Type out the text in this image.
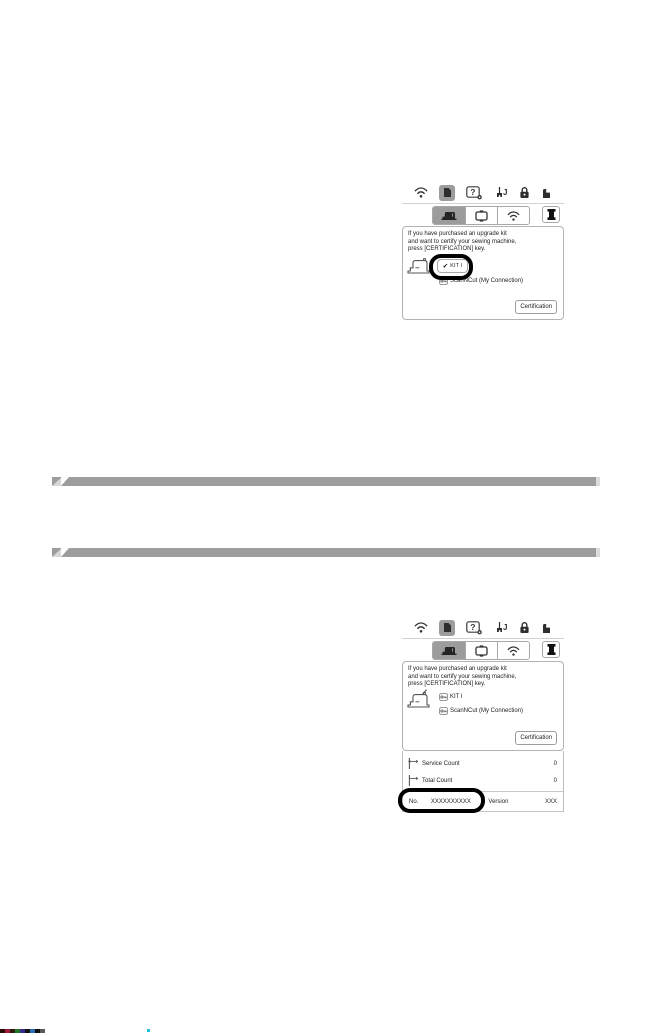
?	J
If you have purchased an upgrade kit
and want to certify your sewing machine,
press [CERTIFICATION] key.
✔ KIT I
ScanNCut (My Connection)
Certification
?	J
If you have purchased an upgrade kit
and want to certify your sewing machine,
press [CERTIFICATION] key.
KIT I
ScanNCut (My Connection)
Certification
Service Count	0
Total Count	0
No.	XXXXXXXXXX	Version	XXX
